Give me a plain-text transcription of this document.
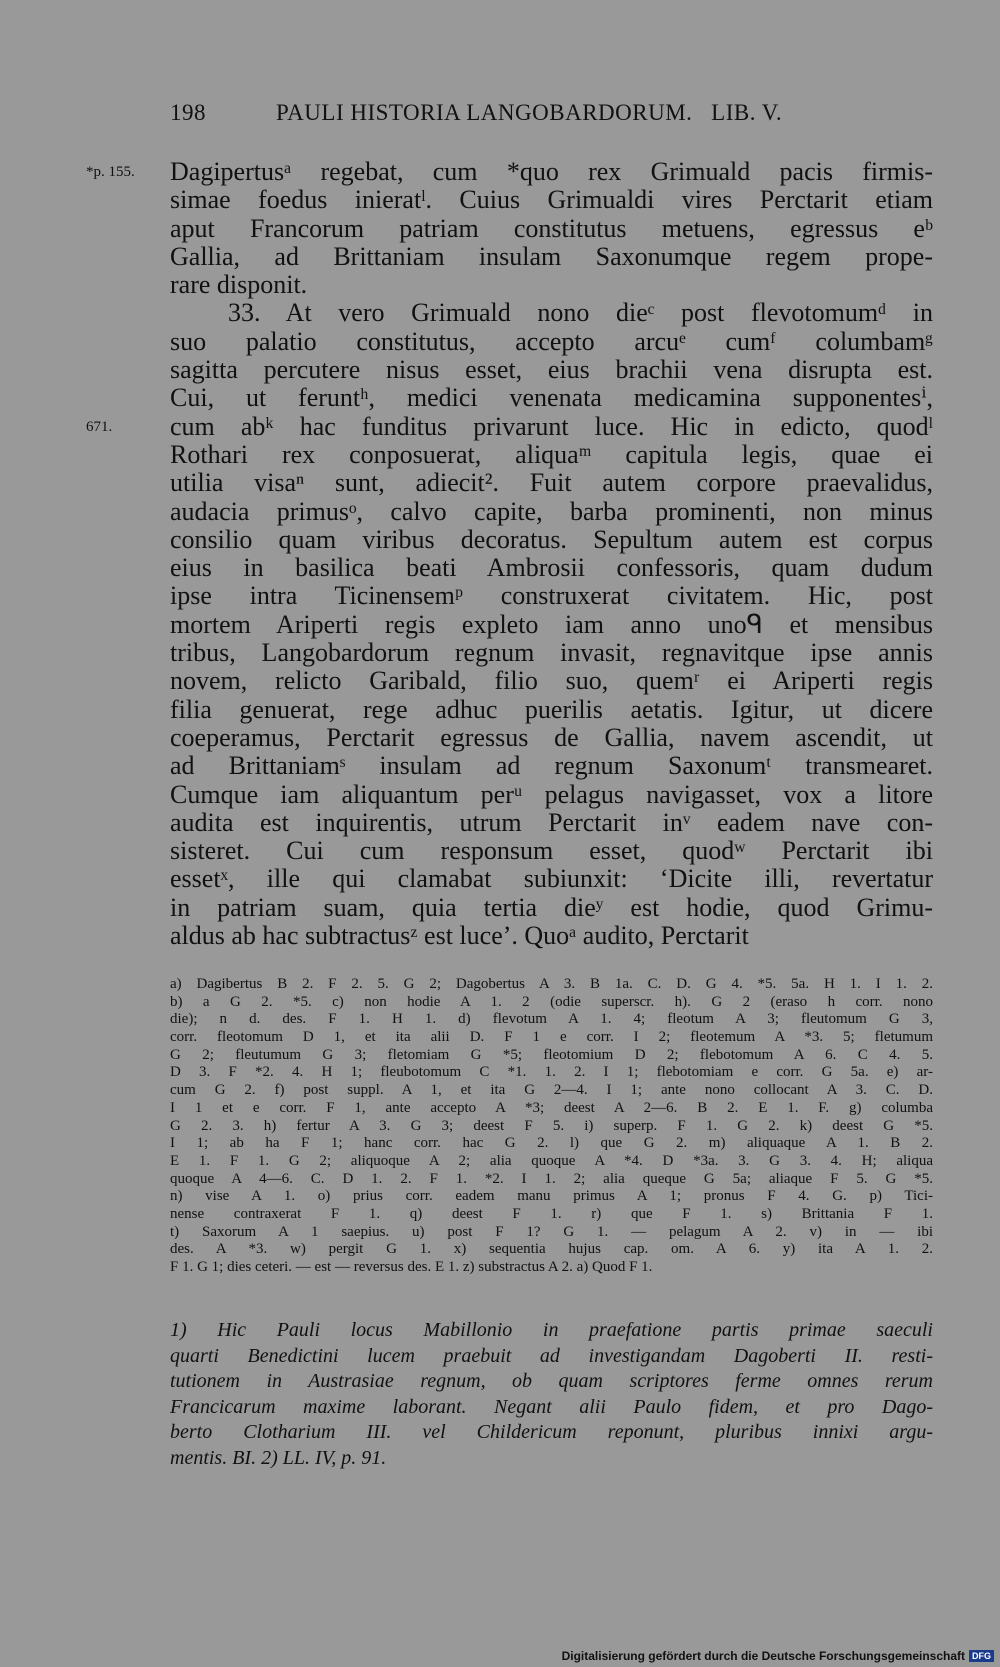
198	PAULI HISTORIA LANGOBARDORUM.   LIB. V.
*p. 155.
671.
Dagipertusᵃ regebat, cum *quo rex Grimuald pacis firmis-
simae foedus inieratˡ. Cuius Grimualdi vires Perctarit etiam
aput Francorum patriam constitutus metuens, egressus eᵇ
Gallia, ad Brittaniam insulam Saxonumque regem prope-
rare disponit.
33. At vero Grimuald nono dieᶜ post flevotomumᵈ in
suo palatio constitutus, accepto arcuᵉ cumᶠ columbamᵍ
sagitta percutere nisus esset, eius brachii vena disrupta est.
Cui, ut feruntʰ, medici venenata medicamina supponentesⁱ,
cum abᵏ hac funditus privarunt luce. Hic in edicto, quodˡ
Rothari rex conposuerat, aliquaᵐ capitula legis, quae ei
utilia visaⁿ sunt, adiecit². Fuit autem corpore praevalidus,
audacia primusᵒ, calvo capite, barba prominenti, non minus
consilio quam viribus decoratus. Sepultum autem est corpus
eius in basilica beati Ambrosii confessoris, quam dudum
ipse intra Ticinensemᵖ construxerat civitatem. Hic, post
mortem Ariperti regis expleto iam anno unoᑫ et mensibus
tribus, Langobardorum regnum invasit, regnavitque ipse annis
novem, relicto Garibald, filio suo, quemʳ ei Ariperti regis
filia genuerat, rege adhuc puerilis aetatis. Igitur, ut dicere
coeperamus, Perctarit egressus de Gallia, navem ascendit, ut
ad Brittaniamˢ insulam ad regnum Saxonumᵗ transmearet.
Cumque iam aliquantum perᵘ pelagus navigasset, vox a litore
audita est inquirentis, utrum Perctarit inᵛ eadem nave con-
sisteret. Cui cum responsum esset, quodʷ Perctarit ibi
essetˣ, ille qui clamabat subiunxit: ‘Dicite illi, revertatur
in patriam suam, quia tertia dieʸ est hodie, quod Grimu-
aldus ab hac subtractusᶻ est luce’. Quoᵃ audito, Perctarit
a) Dagibertus B 2. F 2. 5. G 2; Dagobertus A 3. B 1a. C. D. G 4. *5. 5a. H 1. I 1. 2.
b) a G 2. *5. c) non hodie A 1. 2 (odie superscr. h). G 2 (eraso h corr. nono
die); n d. des. F 1. H 1. d) flevotum A 1. 4; fleotum A 3; fleutomum G 3,
corr. fleotomum D 1, et ita alii D. F 1 e corr. I 2; fleotemum A *3. 5; fletumum
G 2; fleutumum G 3; fletomiam G *5; fleotomium D 2; flebotomum A 6. C 4. 5.
D 3. F *2. 4. H 1; fleubotomum C *1. 1. 2. I 1; flebotomiam e corr. G 5a. e) ar-
cum G 2. f) post suppl. A 1, et ita G 2—4. I 1; ante nono collocant A 3. C. D.
I 1 et e corr. F 1, ante accepto A *3; deest A 2—6. B 2. E 1. F. g) columba
G 2. 3. h) fertur A 3. G 3; deest F 5. i) superp. F 1. G 2. k) deest G *5.
I 1; ab ha F 1; hanc corr. hac G 2. l) que G 2. m) aliquaque A 1. B 2.
E 1. F 1. G 2; aliquoque A 2; alia quoque A *4. D *3a. 3. G 3. 4. H; aliqua
quoque A 4—6. C. D 1. 2. F 1. *2. I 1. 2; alia queque G 5a; aliaque F 5. G *5.
n) vise A 1. o) prius corr. eadem manu primus A 1; pronus F 4. G. p) Tici-
nense contraxerat F 1. q) deest F 1. r) que F 1. s) Brittania F 1.
t) Saxorum A 1 saepius. u) post F 1? G 1. — pelagum A 2. v) in — ibi
des. A *3. w) pergit G 1. x) sequentia hujus cap. om. A 6. y) ita A 1. 2.
F 1. G 1; dies ceteri. — est — reversus des. E 1. z) substractus A 2. a) Quod F 1.
1) Hic Pauli locus Mabillonio in praefatione partis primae saeculi
quarti Benedictini lucem praebuit ad investigandam Dagoberti II. resti-
tutionem in Austrasiae regnum, ob quam scriptores ferme omnes rerum
Francicarum maxime laborant. Negant alii Paulo fidem, et pro Dago-
berto Clotharium III. vel Childericum reponunt, pluribus innixi argu-
mentis. BI. 2) LL. IV, p. 91.
Digitalisierung gefördert durch die Deutsche Forschungsgemeinschaft DFG
